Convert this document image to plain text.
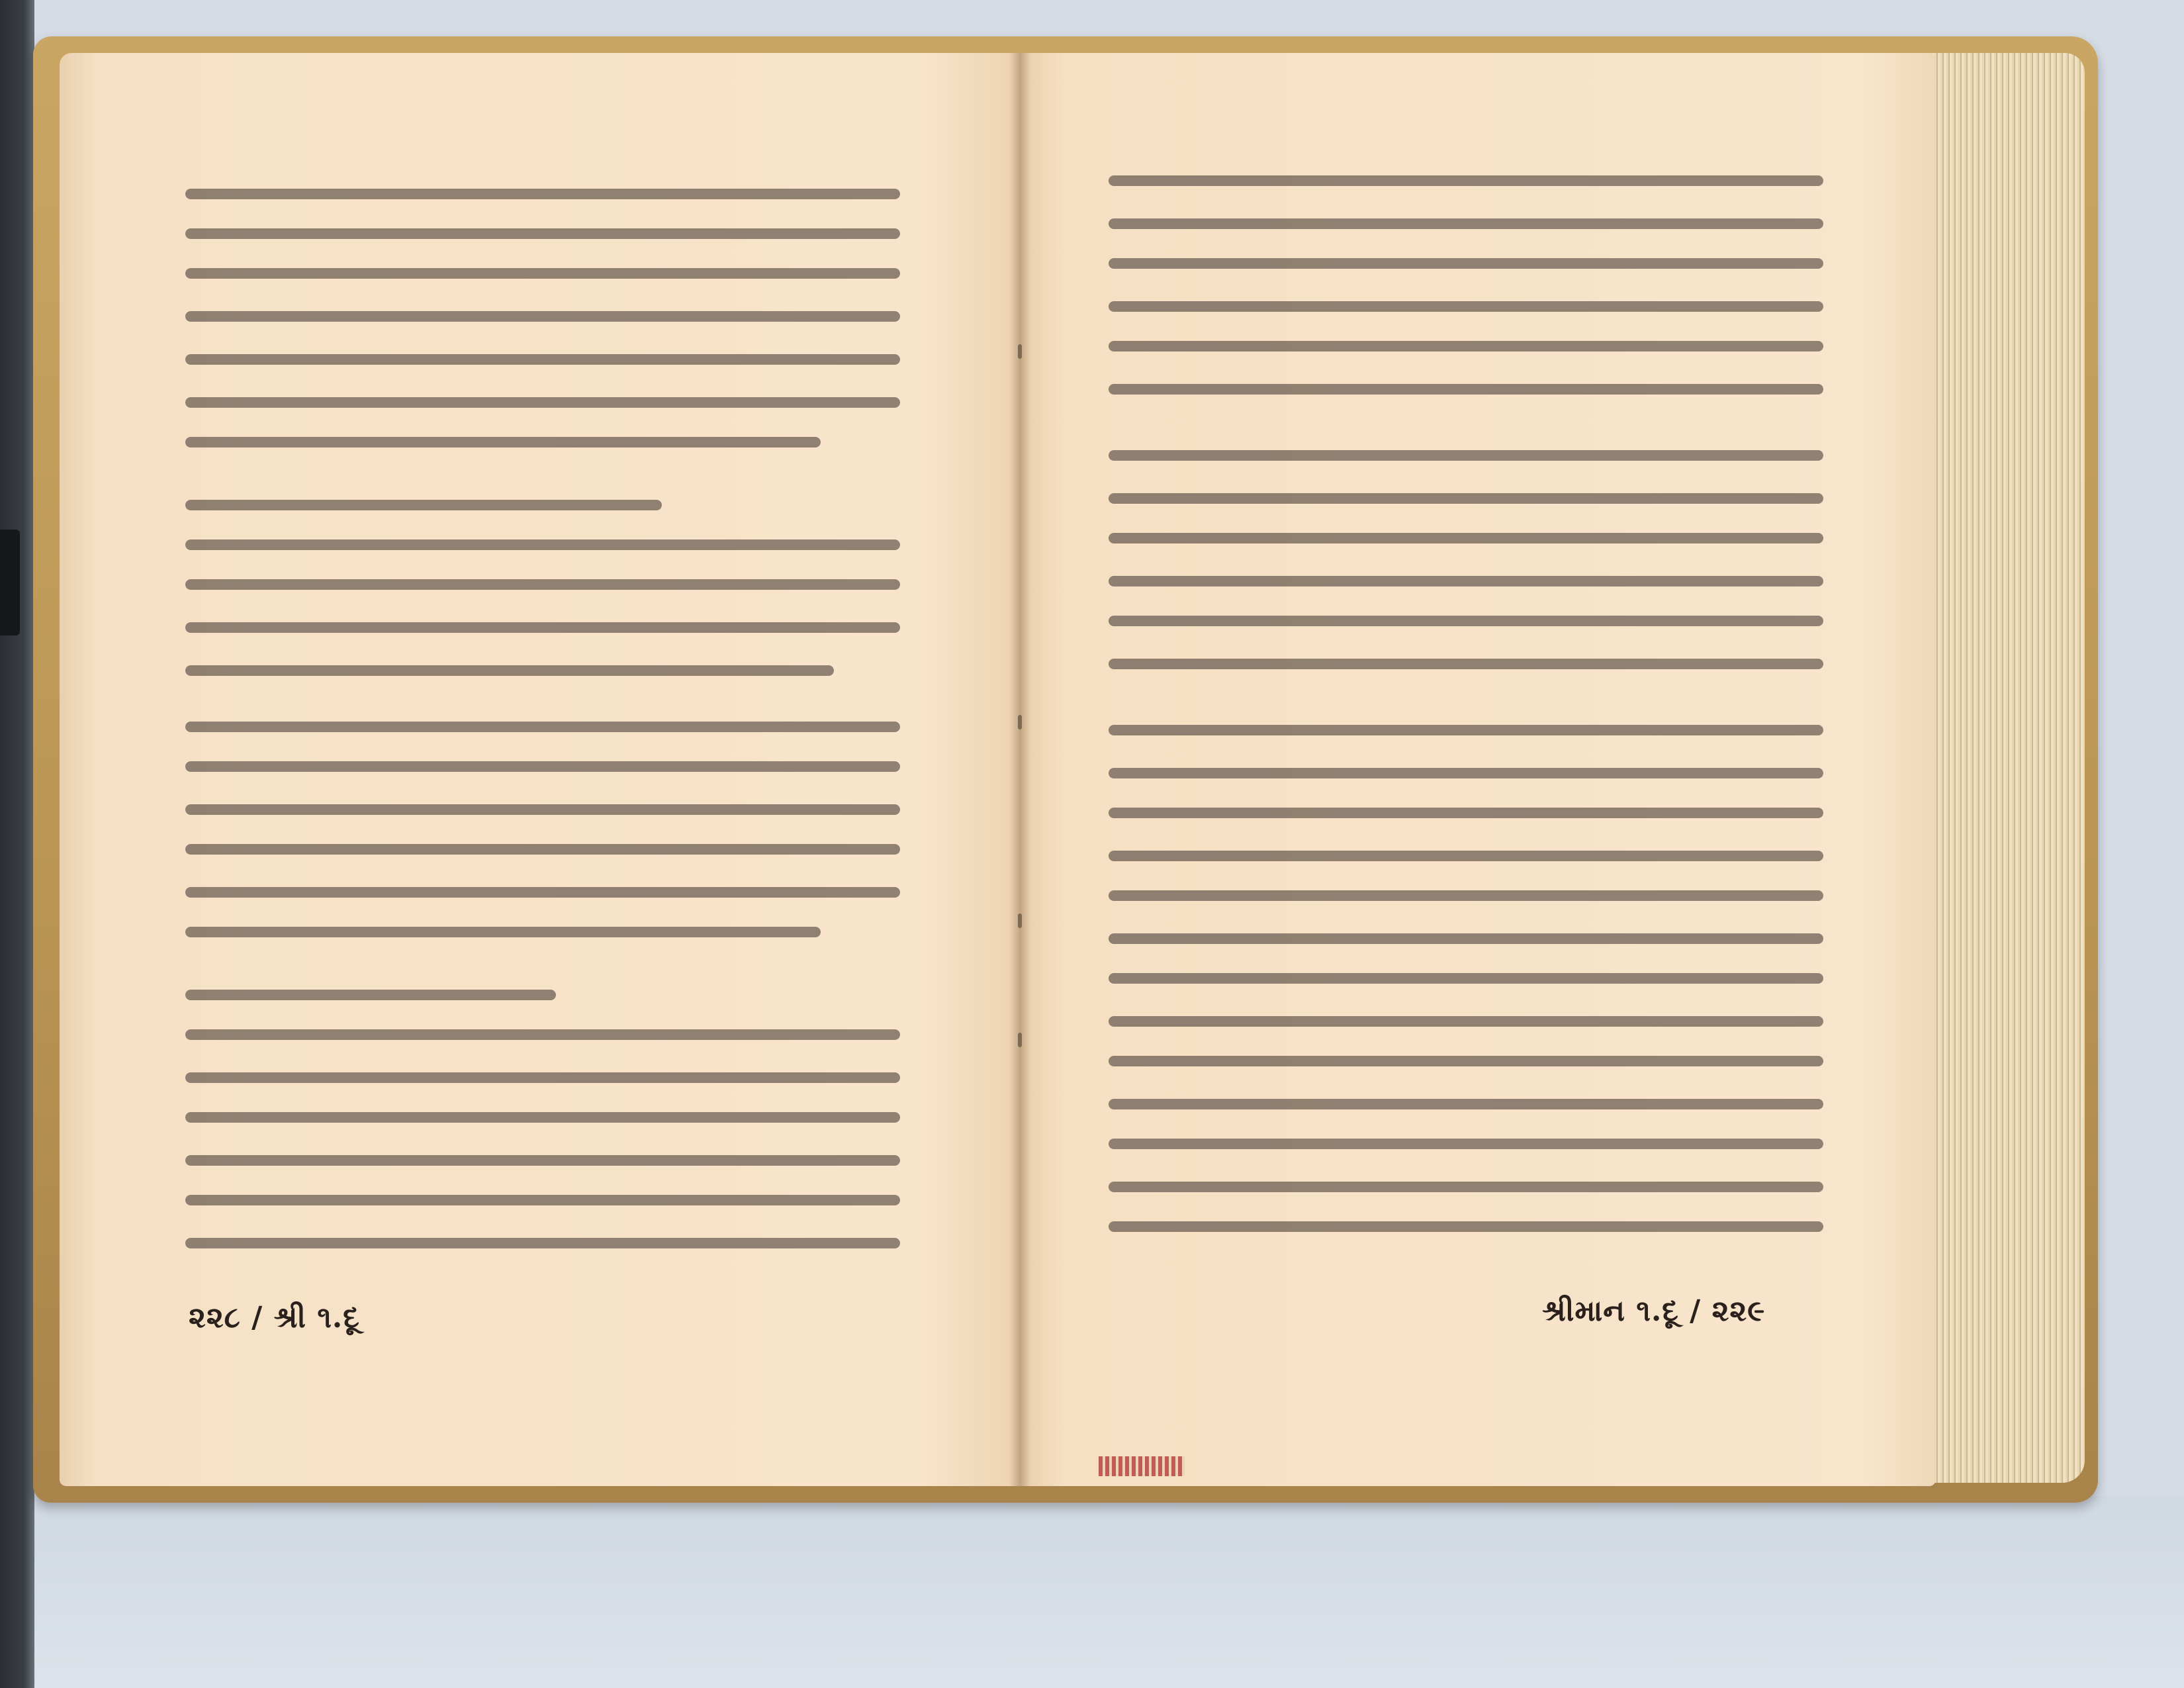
૨૨૮ / શ્રી ૧.દૂ	શ્રીમાન ૧.દૂ / ૨૨૯
